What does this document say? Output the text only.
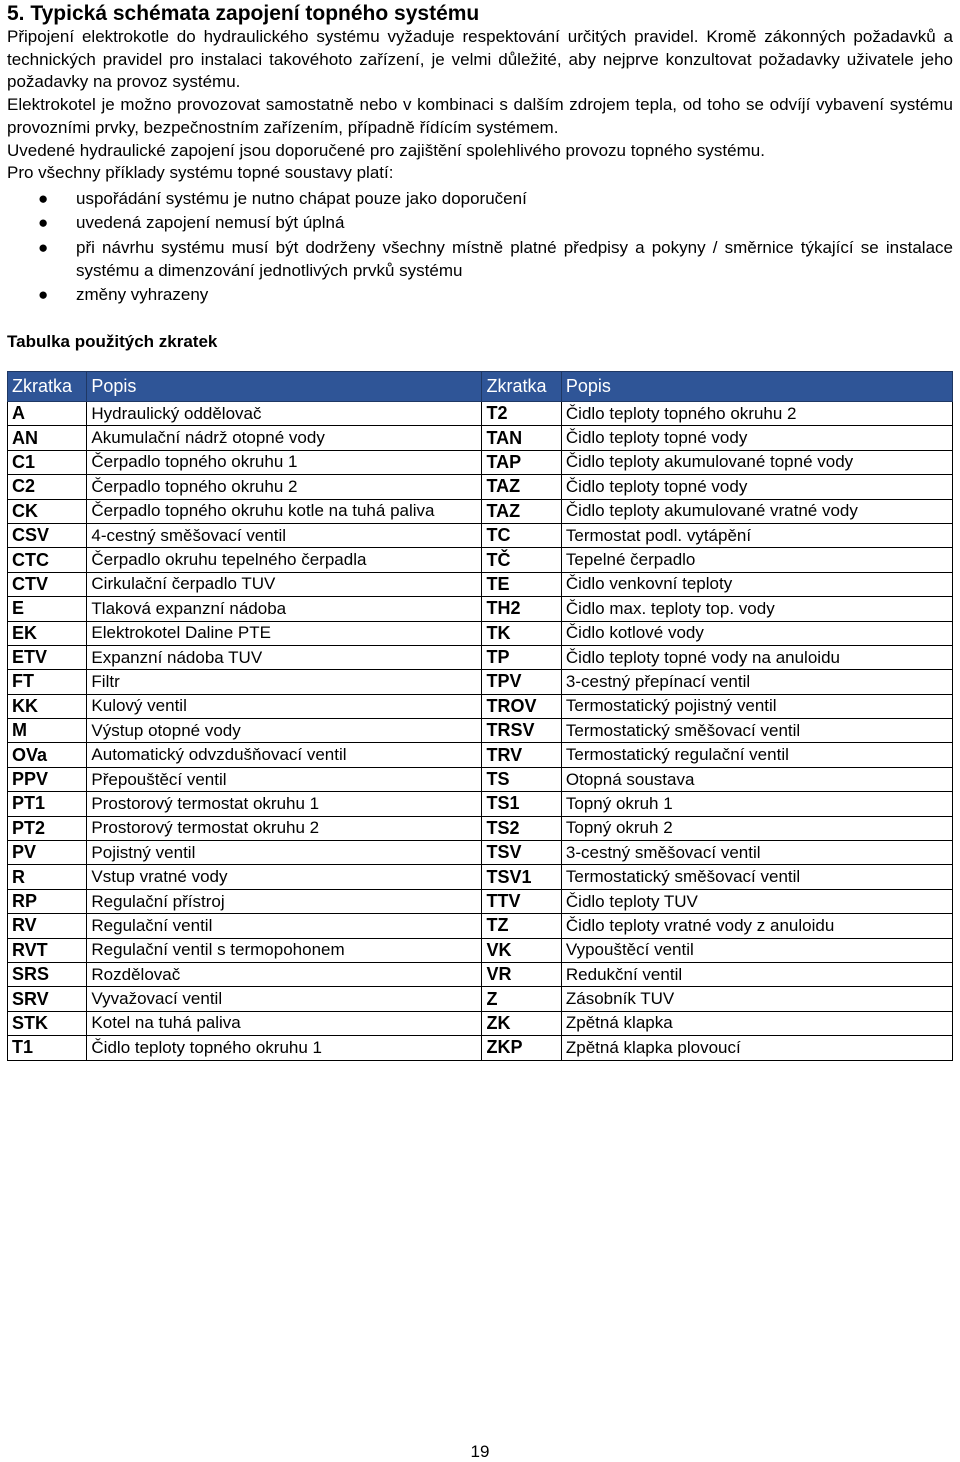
5. Typická schémata zapojení topného systému

Připojení elektrokotle do hydraulického systému vyžaduje respektování určitých pravidel. Kromě zákonných požadavků a technických pravidel pro instalaci takovéhoto zařízení, je velmi důležité, aby nejprve konzultovat požadavky uživatele jeho požadavky na provoz systému.

Elektrokotel je možno provozovat samostatně nebo v kombinaci s dalším zdrojem tepla, od toho se odvíjí vybavení systému provozními prvky, bezpečnostním zařízením, případně řídícím systémem.

Uvedené hydraulické zapojení jsou doporučené pro zajištění spolehlivého provozu topného systému.

Pro všechny příklady systému topné soustavy platí:

● uspořádání systému je nutno chápat pouze jako doporučení
● uvedená zapojení nemusí být úplná
● při návrhu systému musí být dodrženy všechny místně platné předpisy a pokyny / směrnice týkající se instalace systému a dimenzování jednotlivých prvků systému
● změny vyhrazeny
Tabulka použitých zkratek
Zkratka	Popis	Zkratka	Popis
A	Hydraulický oddělovač	T2	Čidlo teploty topného okruhu 2
AN	Akumulační nádrž otopné vody	TAN	Čidlo teploty topné vody
C1	Čerpadlo topného okruhu 1	TAP	Čidlo teploty akumulované topné vody
C2	Čerpadlo topného okruhu 2	TAZ	Čidlo teploty topné vody
CK	Čerpadlo topného okruhu kotle na tuhá paliva	TAZ	Čidlo teploty akumulované vratné vody
CSV	4-cestný směšovací ventil	TC	Termostat podl. vytápění
CTC	Čerpadlo okruhu tepelného čerpadla	TČ	Tepelné čerpadlo
CTV	Cirkulační čerpadlo TUV	TE	Čidlo venkovní teploty
E	Tlaková expanzní nádoba	TH2	Čidlo max. teploty top. vody
EK	Elektrokotel Daline PTE	TK	Čidlo kotlové vody
ETV	Expanzní nádoba TUV	TP	Čidlo teploty topné vody na anuloidu
FT	Filtr	TPV	3-cestný přepínací ventil
KK	Kulový ventil	TROV	Termostatický pojistný ventil
M	Výstup otopné vody	TRSV	Termostatický směšovací ventil
OVa	Automatický odvzdušňovací ventil	TRV	Termostatický regulační ventil
PPV	Přepouštěcí ventil	TS	Otopná soustava
PT1	Prostorový termostat okruhu 1	TS1	Topný okruh 1
PT2	Prostorový termostat okruhu 2	TS2	Topný okruh 2
PV	Pojistný ventil	TSV	3-cestný směšovací ventil
R	Vstup vratné vody	TSV1	Termostatický směšovací ventil
RP	Regulační přístroj	TTV	Čidlo teploty TUV
RV	Regulační ventil	TZ	Čidlo teploty vratné vody z anuloidu
RVT	Regulační ventil s termopohonem	VK	Vypouštěcí ventil
SRS	Rozdělovač	VR	Redukční ventil
SRV	Vyvažovací ventil	Z	Zásobník TUV
STK	Kotel na tuhá paliva	ZK	Zpětná klapka
T1	Čidlo teploty topného okruhu 1	ZKP	Zpětná klapka plovoucí
19
